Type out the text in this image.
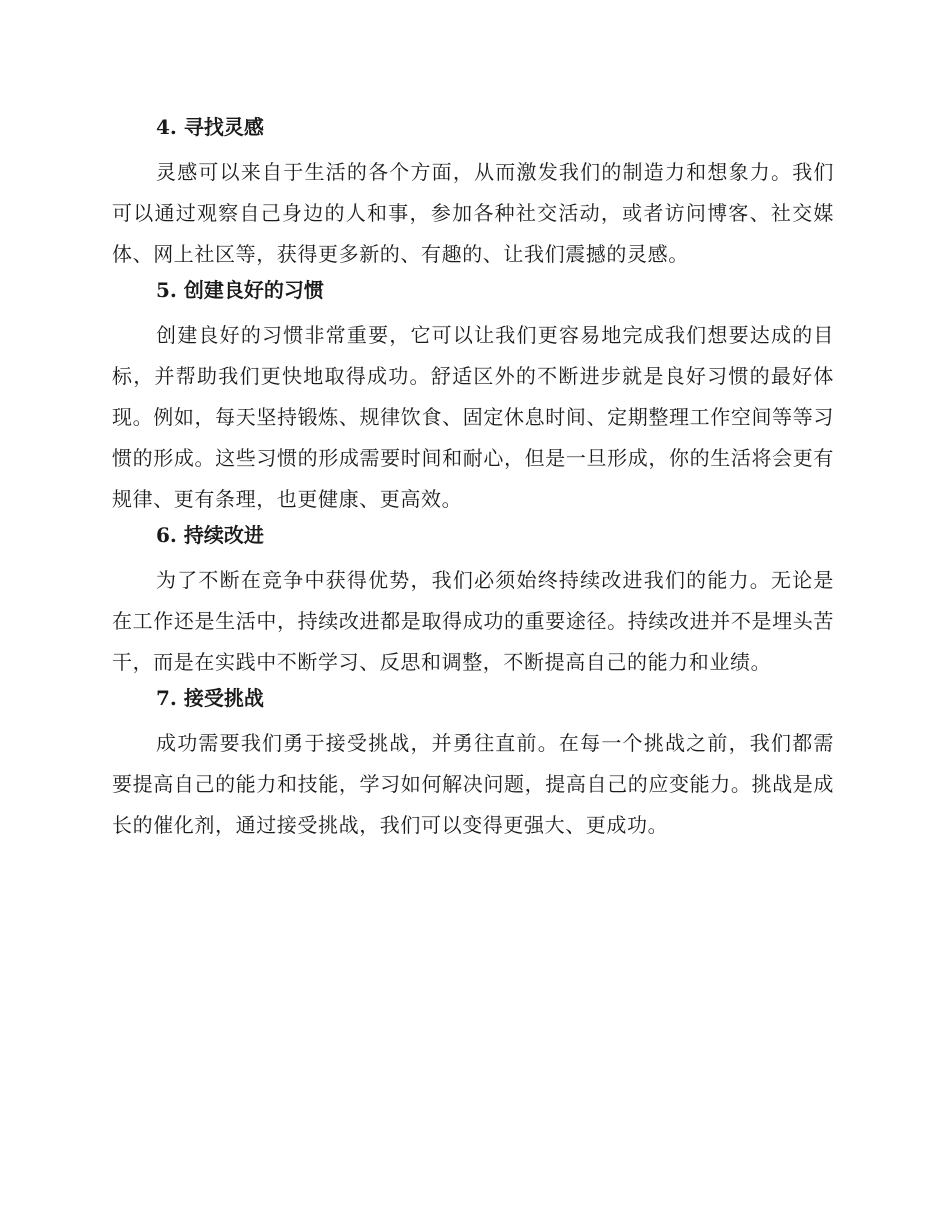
4. 寻找灵感

灵感可以来自于生活的各个方面，从而激发我们的制造力和想象力。我们可以通过观察自己身边的人和事，参加各种社交活动，或者访问博客、社交媒体、网上社区等，获得更多新的、有趣的、让我们震撼的灵感。

5. 创建良好的习惯

创建良好的习惯非常重要，它可以让我们更容易地完成我们想要达成的目标，并帮助我们更快地取得成功。舒适区外的不断进步就是良好习惯的最好体现。例如，每天坚持锻炼、规律饮食、固定休息时间、定期整理工作空间等等习惯的形成。这些习惯的形成需要时间和耐心，但是一旦形成，你的生活将会更有规律、更有条理，也更健康、更高效。

6. 持续改进

为了不断在竞争中获得优势，我们必须始终持续改进我们的能力。无论是在工作还是生活中，持续改进都是取得成功的重要途径。持续改进并不是埋头苦干，而是在实践中不断学习、反思和调整，不断提高自己的能力和业绩。

7. 接受挑战

成功需要我们勇于接受挑战，并勇往直前。在每一个挑战之前，我们都需要提高自己的能力和技能，学习如何解决问题，提高自己的应变能力。挑战是成长的催化剂，通过接受挑战，我们可以变得更强大、更成功。
